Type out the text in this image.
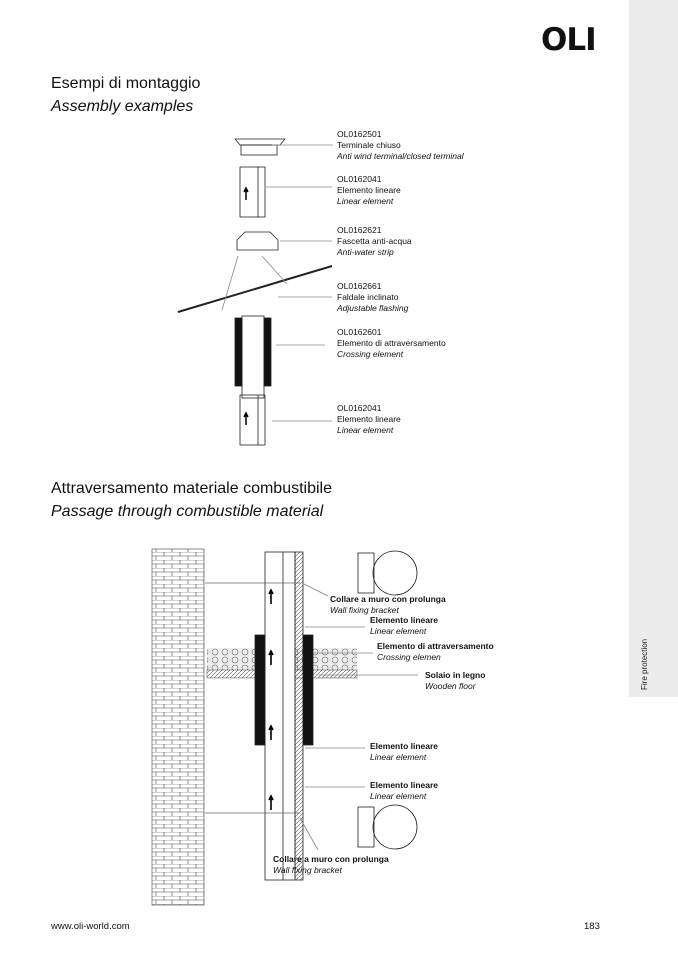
Fire protection
OLI
Esempi di montaggio
Assembly examples
OL0162501
Terminale chiuso
Anti wind terminal/closed terminal
OL0162041
Elemento lineare
Linear element
OL0162621
Fascetta anti-acqua
Anti-water strip
OL0162661
Faldale inclinato
Adjustable flashing
OL0162601
Elemento di attraversamento
Crossing element
OL0162041
Elemento lineare
Linear element
Attraversamento materiale combustibile
Passage through combustible material
Collare a muro con prolunga
Wall fixing bracket
Elemento lineare
Linear element
Elemento di attraversamento
Crossing elemen
Solaio in legno
Wooden floor
Elemento lineare
Linear element
Elemento lineare
Linear element
Collare a muro con prolunga
Wall fixing bracket
www.oli-world.com	183
